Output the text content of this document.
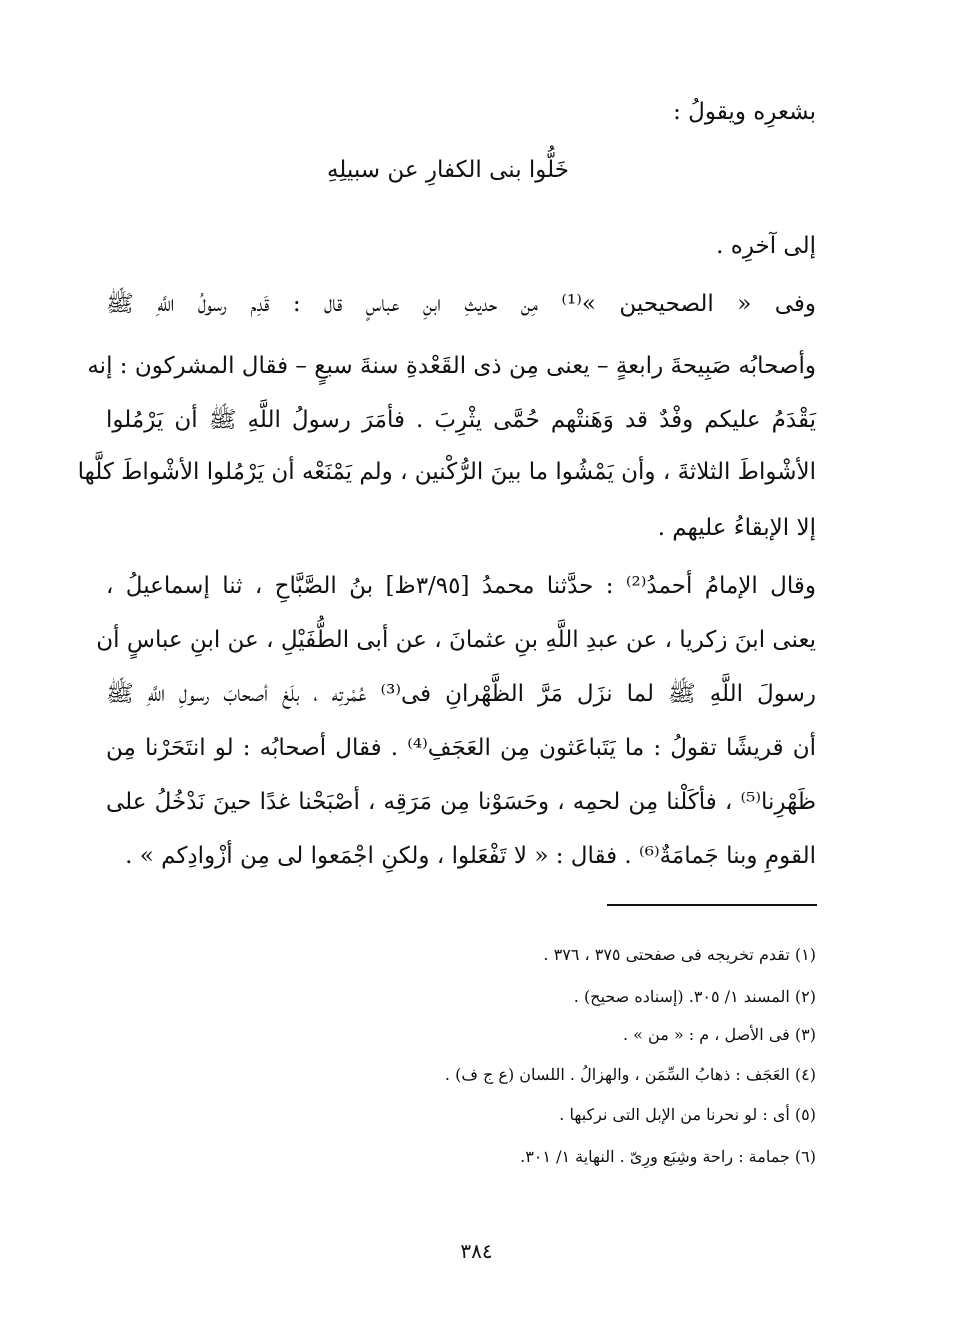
بشعرِه ويقولُ :
خَلُّوا بنى الكفارِ عن سبيلِهِ
إلى آخرِه .
وفى « الصحيحين »⁽¹⁾ مِن حديثِ ابنِ عباسٍ قال : قَدِم رسولُ اللَّهِ ﷺ
وأصحابُه صَبِيحةَ رابعةٍ – يعنى مِن ذى القَعْدةِ سنةَ سبعٍ – فقال المشركون : إنه
يَقْدَمُ عليكم وفْدٌ قد وَهَنتْهم حُمَّى يثْرِبَ . فأمَرَ رسولُ اللَّهِ ﷺ أن يَرْمُلوا
الأشْواطَ الثلاثةَ ، وأن يَمْشُوا ما بينَ الرُّكْنين ، ولم يَمْنَعْه أن يَرْمُلوا الأشْواطَ كلَّها
إلا الإبقاءُ عليهم .
وقال الإمامُ أحمدُ⁽²⁾ : حدَّثنا محمدُ [٣/٩٥ظ] بنُ الصَّبَّاحِ ، ثنا إسماعيلُ ،
يعنى ابنَ زكريا ، عن عبدِ اللَّهِ بنِ عثمانَ ، عن أبى الطُّفَيْلِ ، عن ابنِ عباسٍ أن
رسولَ اللَّهِ ﷺ لما نزَل مَرَّ الظَّهْرانِ فى⁽³⁾ عُمْرتِه ، بلَغ أصحابَ رسولِ اللَّهِ ﷺ
أن قريشًا تقولُ : ما يَتَباعَثون مِن العَجَفِ⁽⁴⁾ . فقال أصحابُه : لو انتَحَرْنا مِن
ظَهْرِنا⁽⁵⁾ ، فأكَلْنا مِن لحمِه ، وحَسَوْنا مِن مَرَقِه ، أصْبَحْنا غدًا حينَ نَدْخُلُ على
القومِ وبنا جَمامَةٌ⁽⁶⁾ . فقال : « لا تَفْعَلوا ، ولكنِ اجْمَعوا لى مِن أزْوادِكم » .
(١) تقدم تخريجه فى صفحتى ٣٧٥ ، ٣٧٦ .
(٢) المسند ١/ ٣٠٥. (إسناده صحيح) .
(٣) فى الأصل ، م : « من » .
(٤) العَجَف : ذهابُ السِّمَن ، والهزالُ . اللسان (ع ج ف) .
(٥) أى : لو نحرنا من الإبل التى نركبها .
(٦) جمامة : راحة وشِبَع ورِىّ . النهاية ١/ ٣٠١.
٣٨٤
